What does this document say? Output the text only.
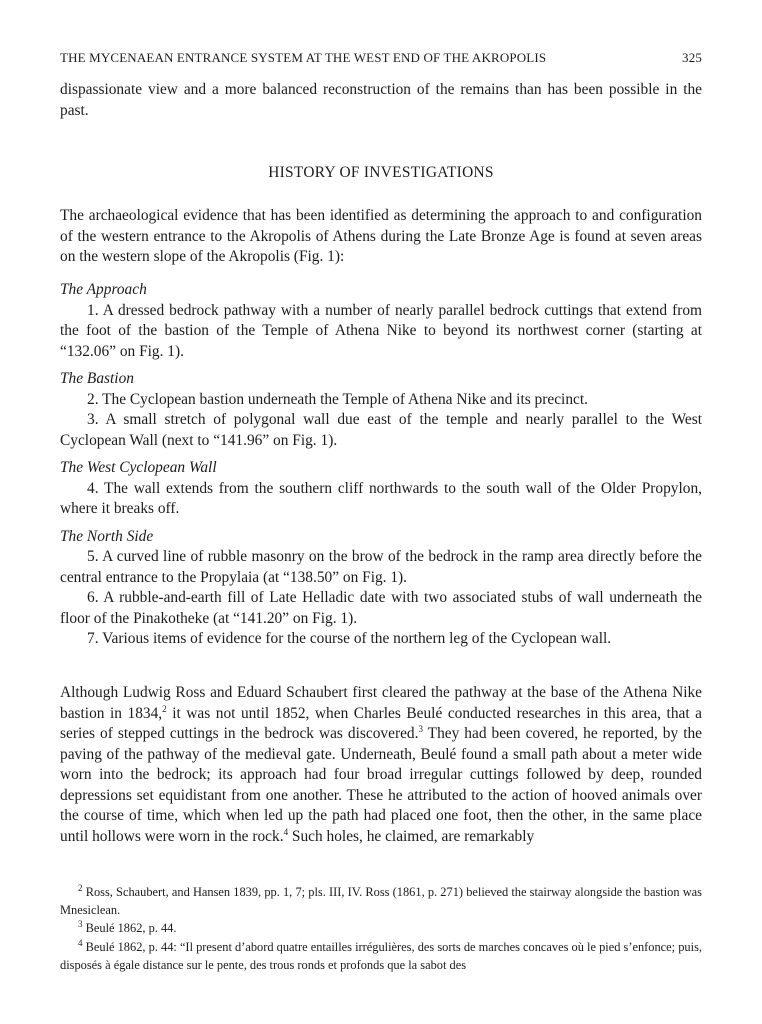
THE MYCENAEAN ENTRANCE SYSTEM AT THE WEST END OF THE AKROPOLIS	325

dispassionate view and a more balanced reconstruction of the remains than has been possible in the past.

HISTORY OF INVESTIGATIONS

The archaeological evidence that has been identified as determining the approach to and configuration of the western entrance to the Akropolis of Athens during the Late Bronze Age is found at seven areas on the western slope of the Akropolis (Fig. 1):

The Approach
1. A dressed bedrock pathway with a number of nearly parallel bedrock cuttings that extend from the foot of the bastion of the Temple of Athena Nike to beyond its northwest corner (starting at “132.06” on Fig. 1).
The Bastion
2. The Cyclopean bastion underneath the Temple of Athena Nike and its precinct.
3. A small stretch of polygonal wall due east of the temple and nearly parallel to the West Cyclopean Wall (next to “141.96” on Fig. 1).
The West Cyclopean Wall
4. The wall extends from the southern cliff northwards to the south wall of the Older Propylon, where it breaks off.
The North Side
5. A curved line of rubble masonry on the brow of the bedrock in the ramp area directly before the central entrance to the Propylaia (at “138.50” on Fig. 1).
6. A rubble-and-earth fill of Late Helladic date with two associated stubs of wall underneath the floor of the Pinakotheke (at “141.20” on Fig. 1).
7. Various items of evidence for the course of the northern leg of the Cyclopean wall.

Although Ludwig Ross and Eduard Schaubert first cleared the pathway at the base of the Athena Nike bastion in 1834,$^2$ it was not until 1852, when Charles Beulé conducted researches in this area, that a series of stepped cuttings in the bedrock was discovered.$^3$ They had been covered, he reported, by the paving of the pathway of the medieval gate. Underneath, Beulé found a small path about a meter wide worn into the bedrock; its approach had four broad irregular cuttings followed by deep, rounded depressions set equidistant from one another. These he attributed to the action of hooved animals over the course of time, which when led up the path had placed one foot, then the other, in the same place until hollows were worn in the rock.$^4$ Such holes, he claimed, are remarkably

$^2$ Ross, Schaubert, and Hansen 1839, pp. 1, 7; pls. III, IV. Ross (1861, p. 271) believed the stairway alongside the bastion was Mnesiclean.

$^3$ Beulé 1862, p. 44.

$^4$ Beulé 1862, p. 44: “Il present d’abord quatre entailles irrégulières, des sorts de marches concaves où le pied s’enfonce; puis, disposés à égale distance sur le pente, des trous ronds et profonds que la sabot des
